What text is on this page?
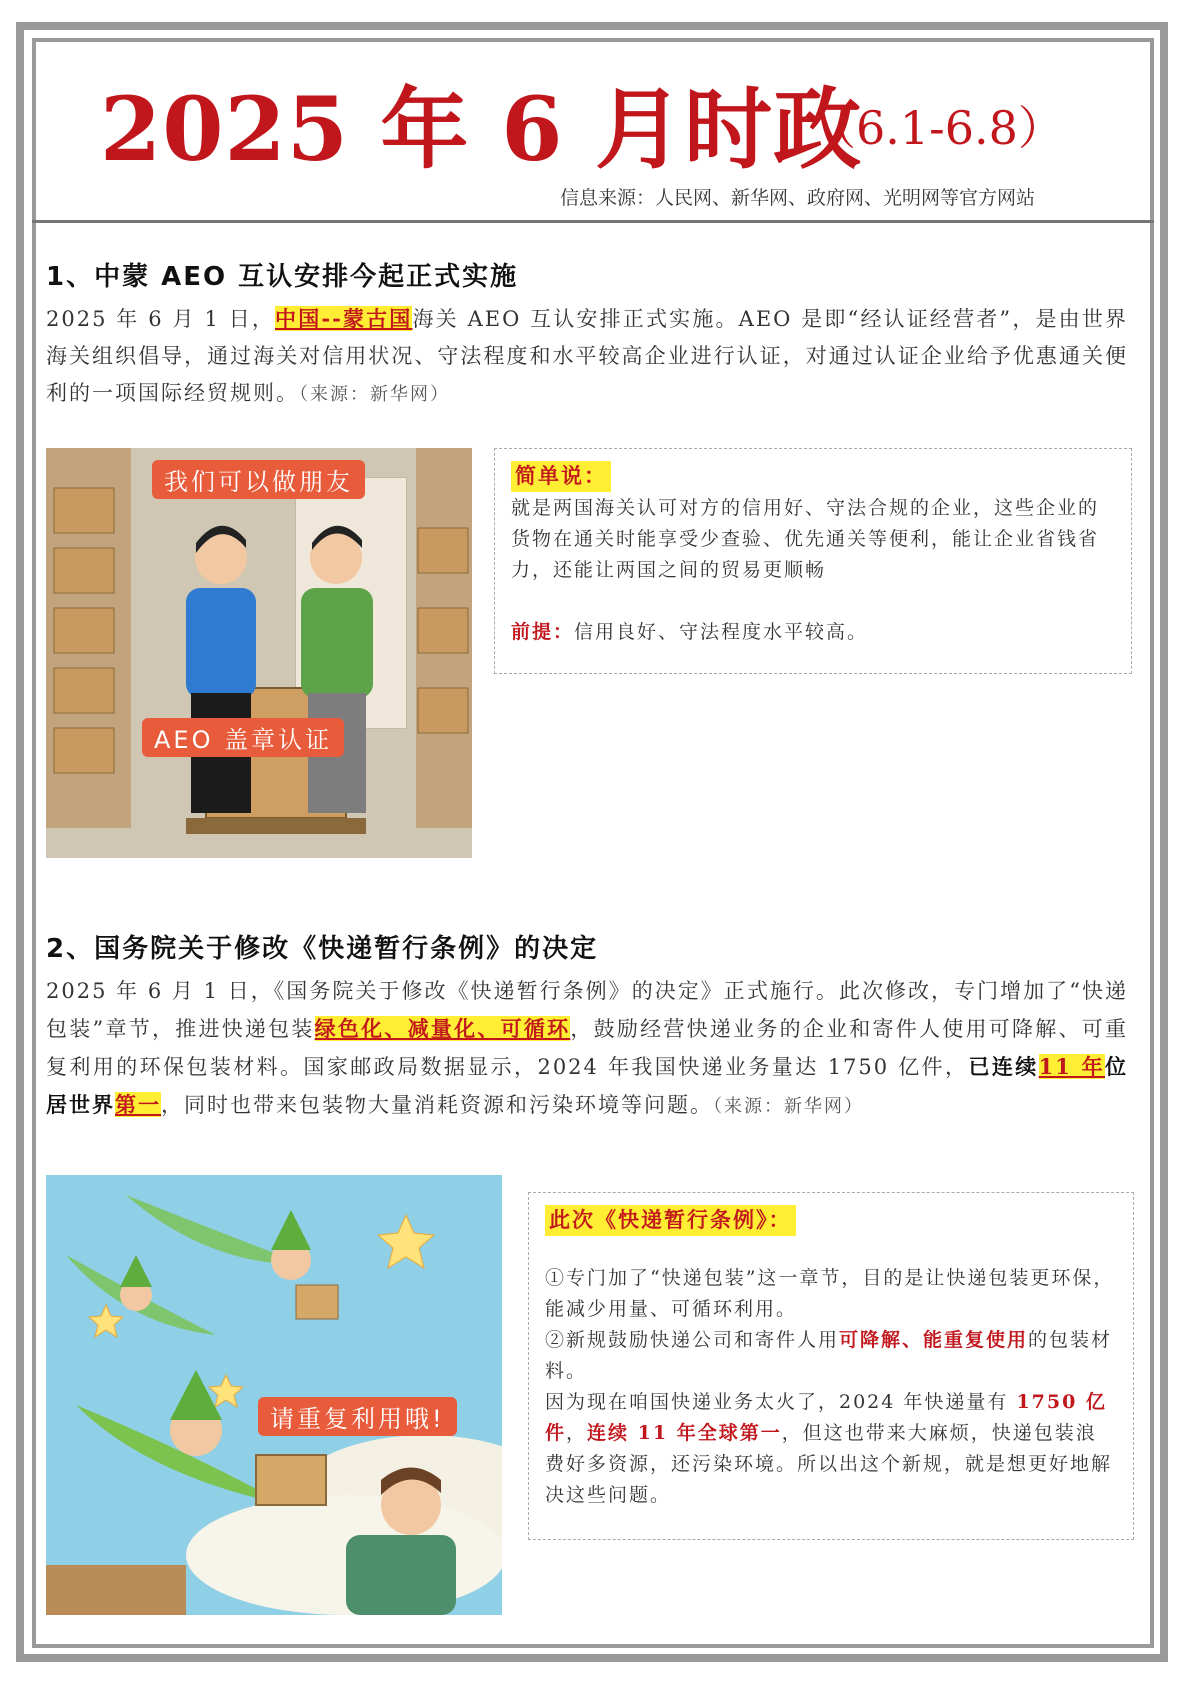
2025 年 6 月时政
（6.1-6.8）
信息来源：人民网、新华网、政府网、光明网等官方网站
1、中蒙 AEO 互认安排今起正式实施

2025 年 6 月 1 日，中国--蒙古国海关 AEO 互认安排正式实施。AEO 是即“经认证经营者”，是由世界海关组织倡导，通过海关对信用状况、守法程度和水平较高企业进行认证，对通过认证企业给予优惠通关便利的一项国际经贸规则。（来源：新华网）

我们可以做朋友
AEO 盖章认证
简单说：

就是两国海关认可对方的信用好、守法合规的企业，这些企业的货物在通关时能享受少查验、优先通关等便利，能让企业省钱省力，还能让两国之间的贸易更顺畅

前提：信用良好、守法程度水平较高。

2、国务院关于修改《快递暂行条例》的决定

2025 年 6 月 1 日，《国务院关于修改《快递暂行条例》的决定》正式施行。此次修改，专门增加了“快递包装”章节，推进快递包装绿色化、减量化、可循环，鼓励经营快递业务的企业和寄件人使用可降解、可重复利用的环保包装材料。国家邮政局数据显示，2024 年我国快递业务量达 1750 亿件，已连续11 年位居世界第一，同时也带来包装物大量消耗资源和污染环境等问题。（来源：新华网）

请重复利用哦!
此次《快递暂行条例》：

①专门加了“快递包装”这一章节，目的是让快递包装更环保，能减少用量、可循环利用。

②新规鼓励快递公司和寄件人用可降解、能重复使用的包装材料。

因为现在咱国快递业务太火了，2024 年快递量有 1750 亿件，连续 11 年全球第一，但这也带来大麻烦，快递包装浪费好多资源，还污染环境。所以出这个新规，就是想更好地解决这些问题。
